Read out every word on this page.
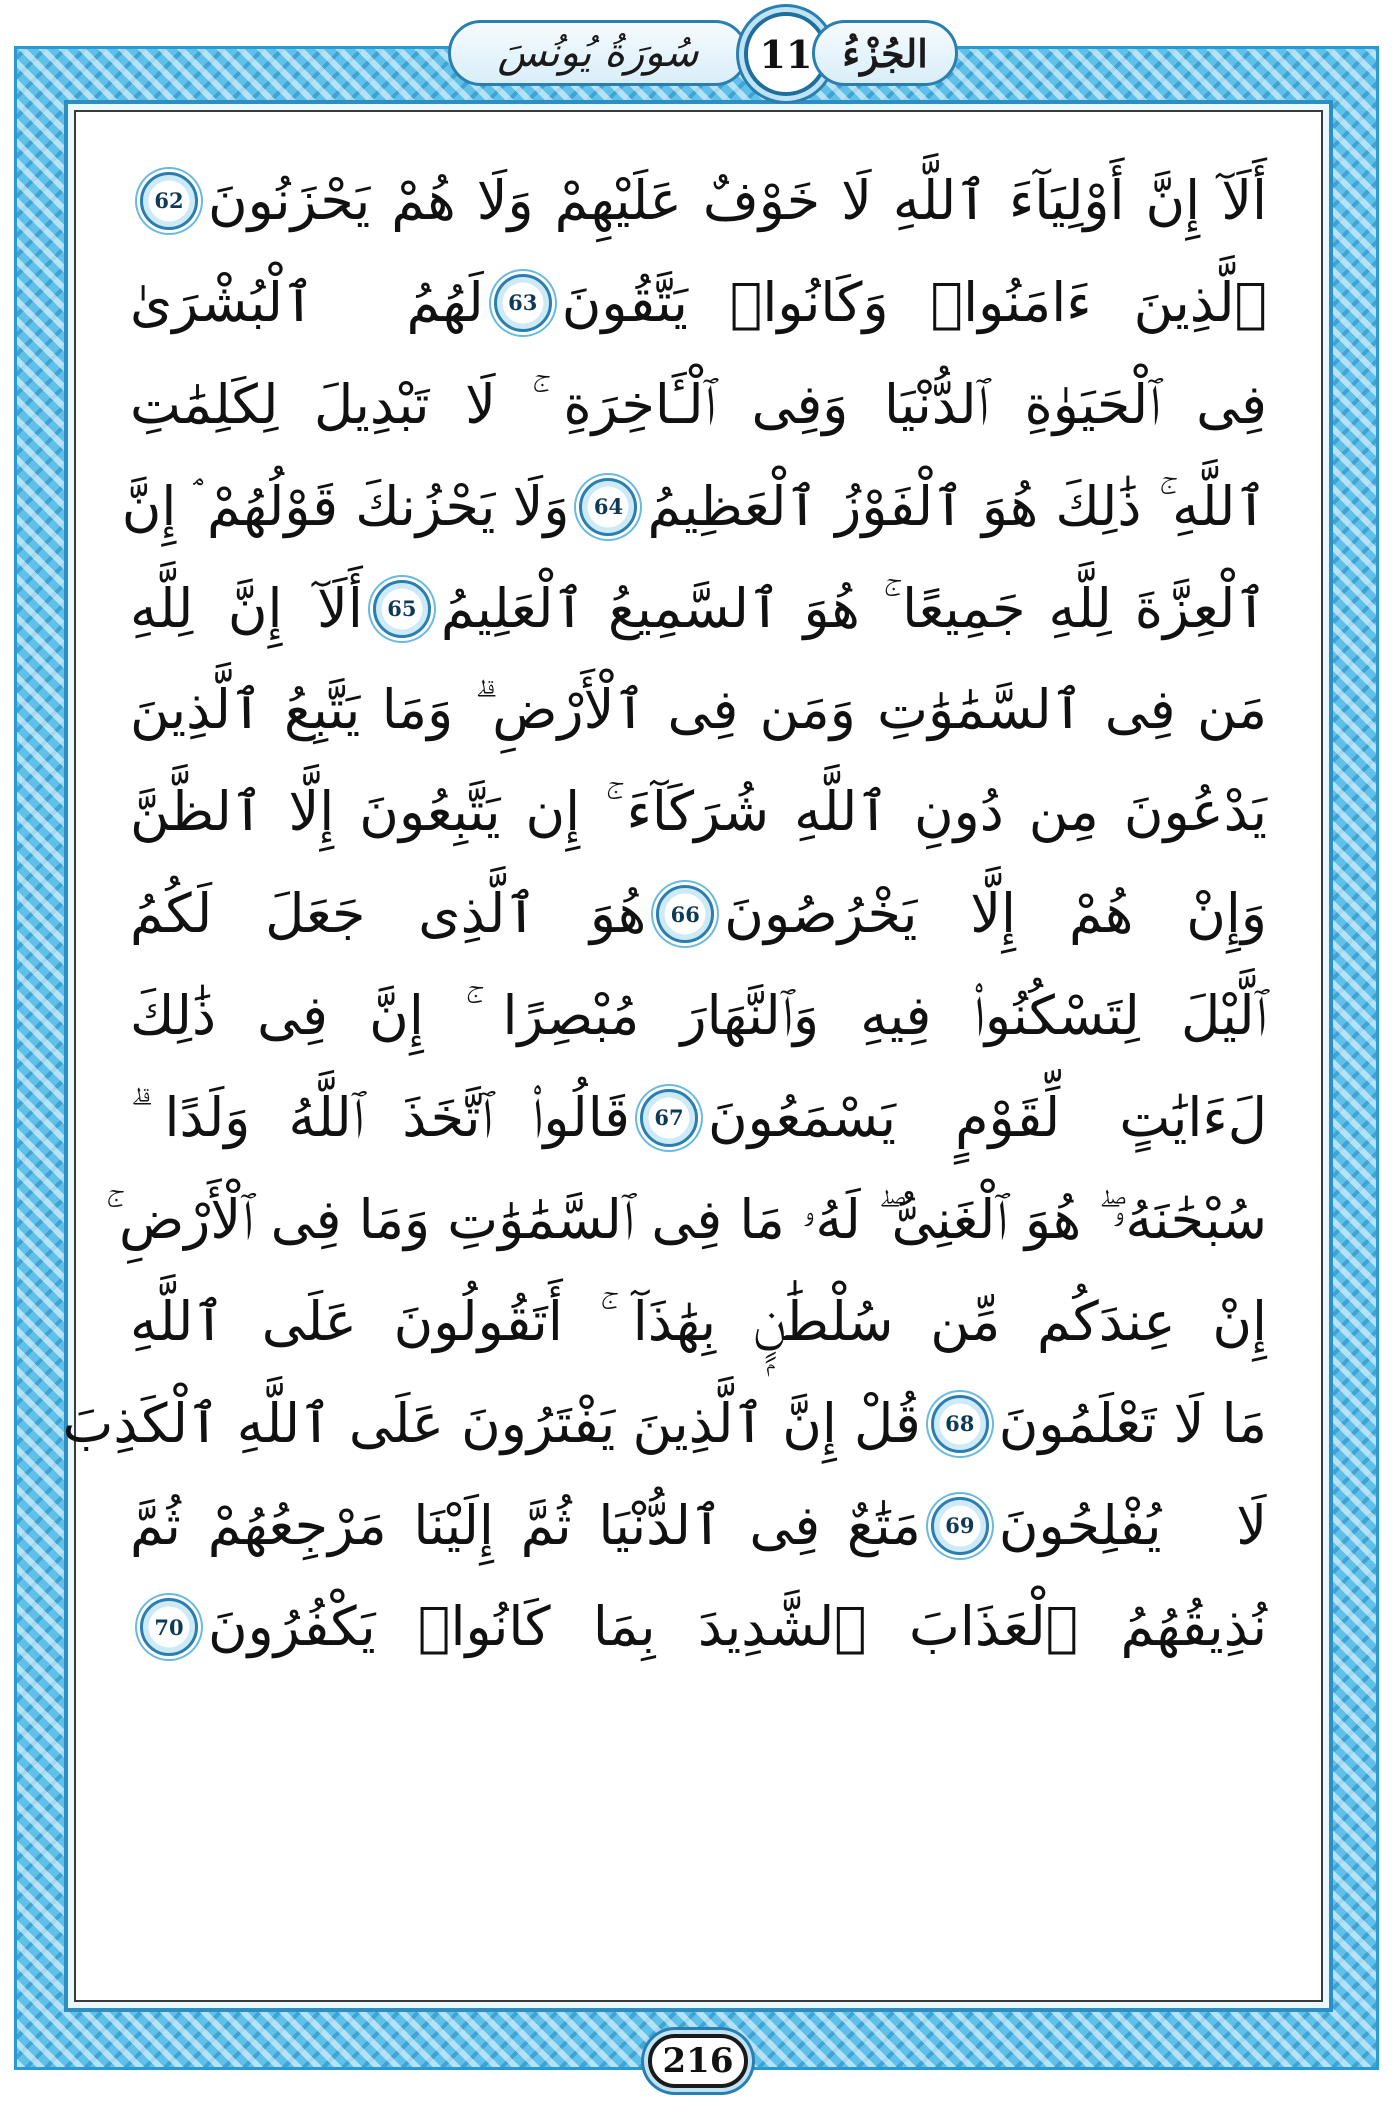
سُورَةُ يُونُسَ	11 الجُزْءُ
أَلَآ إِنَّ أَوْلِيَآءَ ٱللَّهِ لَا خَوْفٌ عَلَيْهِمْ وَلَا هُمْ يَحْزَنُونَ
62
ٱلَّذِينَ ءَامَنُوا۟ وَكَانُوا۟ يَتَّقُونَ
63
لَهُمُ ٱلْبُشْرَىٰ
فِى ٱلْحَيَوٰةِ ٱلدُّنْيَا وَفِى ٱلْـَٔاخِرَةِ ۚ لَا تَبْدِيلَ لِكَلِمَٰتِ
ٱللَّهِ ۚ ذَٰلِكَ هُوَ ٱلْفَوْزُ ٱلْعَظِيمُ
64
وَلَا يَحْزُنكَ قَوْلُهُمْ ۘ إِنَّ
ٱلْعِزَّةَ لِلَّهِ جَمِيعًا ۚ هُوَ ٱلسَّمِيعُ ٱلْعَلِيمُ
65
أَلَآ إِنَّ لِلَّهِ
مَن فِى ٱلسَّمَٰوَٰتِ وَمَن فِى ٱلْأَرْضِ ۗ وَمَا يَتَّبِعُ ٱلَّذِينَ
يَدْعُونَ مِن دُونِ ٱللَّهِ شُرَكَآءَ ۚ إِن يَتَّبِعُونَ إِلَّا ٱلظَّنَّ
وَإِنْ هُمْ إِلَّا يَخْرُصُونَ
66
هُوَ ٱلَّذِى جَعَلَ لَكُمُ
ٱلَّيْلَ لِتَسْكُنُوا۟ فِيهِ وَٱلنَّهَارَ مُبْصِرًا ۚ إِنَّ فِى ذَٰلِكَ
لَءَايَٰتٍ لِّقَوْمٍ يَسْمَعُونَ
67
قَالُوا۟ ٱتَّخَذَ ٱللَّهُ وَلَدًا ۗ
سُبْحَٰنَهُۥ ۖ هُوَ ٱلْغَنِىُّ ۖ لَهُۥ مَا فِى ٱلسَّمَٰوَٰتِ وَمَا فِى ٱلْأَرْضِ ۚ
إِنْ عِندَكُم مِّن سُلْطَٰنٍۭ بِهَٰذَآ ۚ أَتَقُولُونَ عَلَى ٱللَّهِ
مَا لَا تَعْلَمُونَ
68
قُلْ إِنَّ ٱلَّذِينَ يَفْتَرُونَ عَلَى ٱللَّهِ ٱلْكَذِبَ
لَا يُفْلِحُونَ
69
مَتَٰعٌ فِى ٱلدُّنْيَا ثُمَّ إِلَيْنَا مَرْجِعُهُمْ ثُمَّ
نُذِيقُهُمُ ٱلْعَذَابَ ٱلشَّدِيدَ بِمَا كَانُوا۟ يَكْفُرُونَ
70
216
